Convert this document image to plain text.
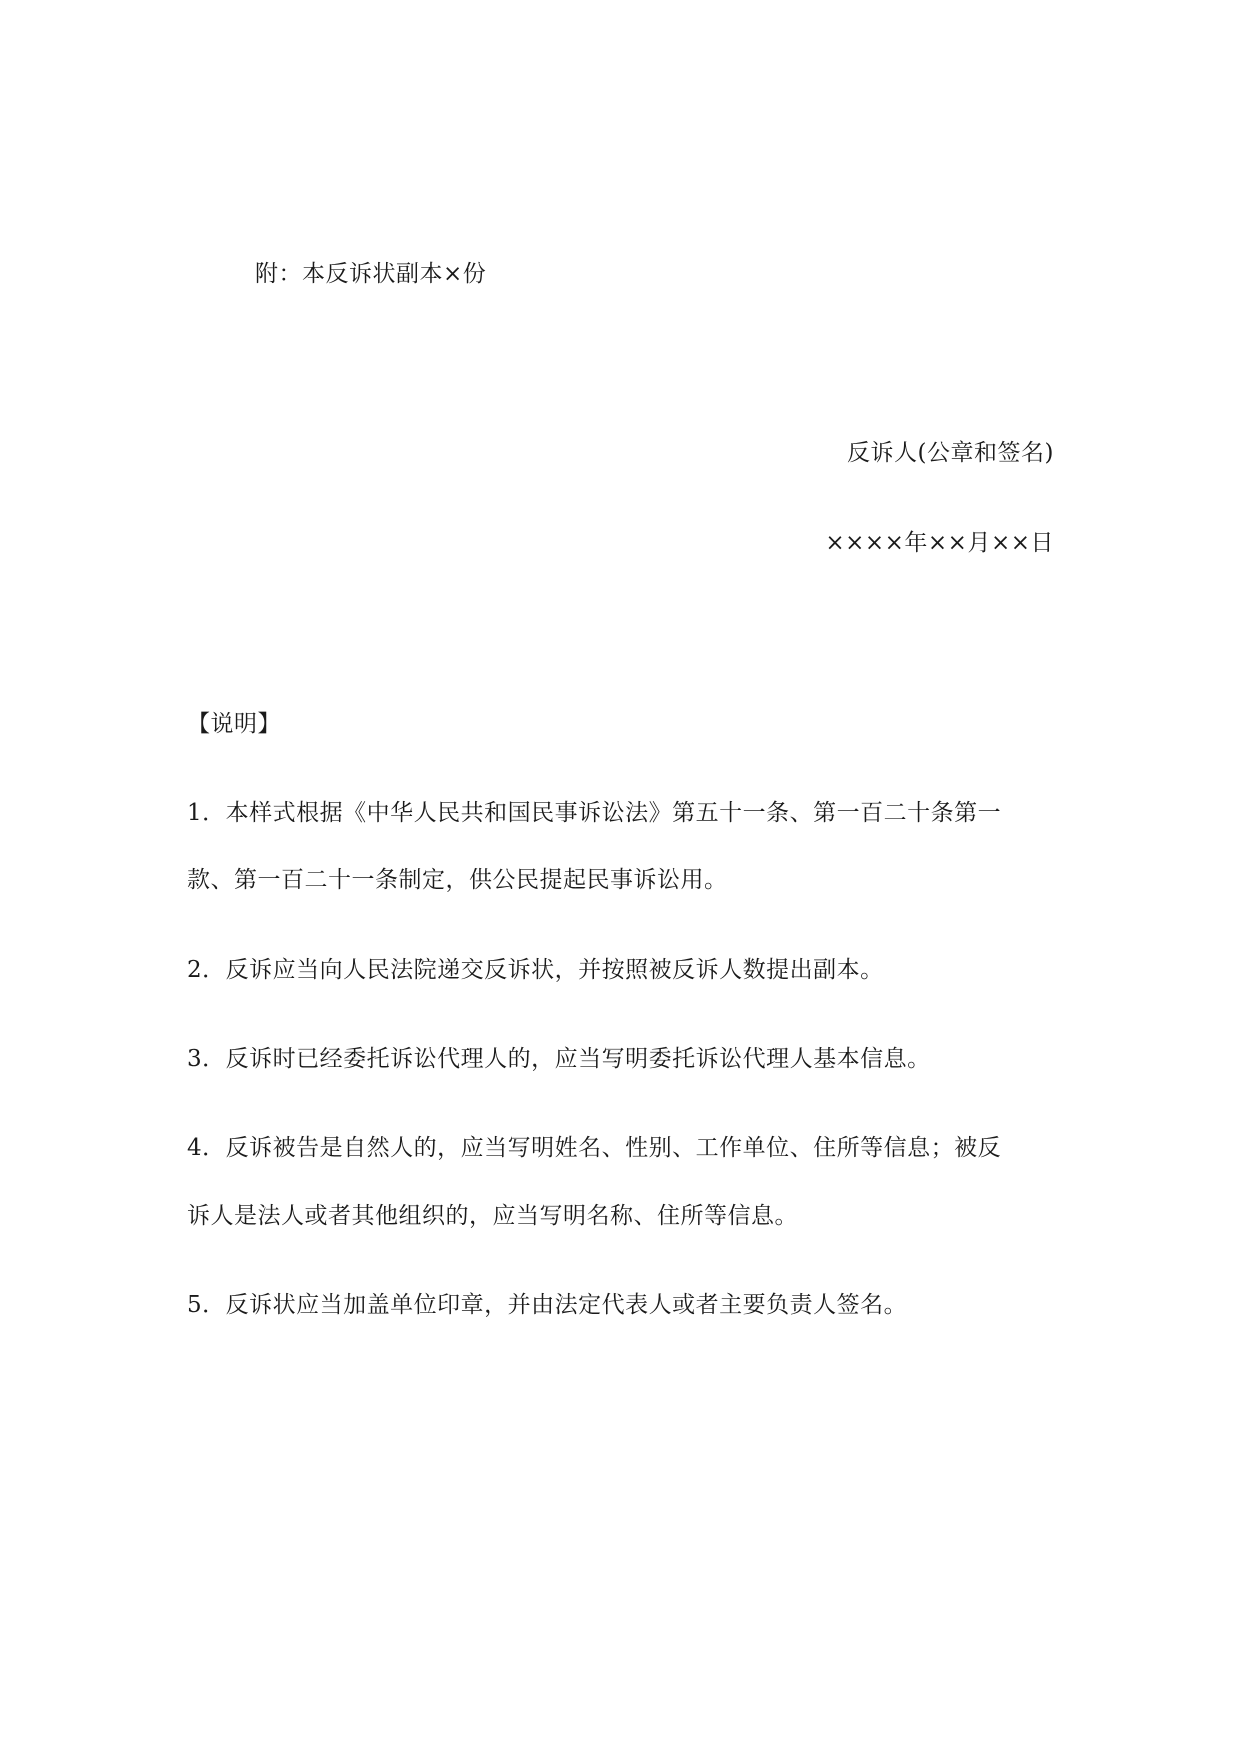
附：本反诉状副本×份
反诉人(公章和签名)
××××年××月××日
【说明】
1．本样式根据《中华人民共和国民事诉讼法》第五十一条、第一百二十条第一
款、第一百二十一条制定，供公民提起民事诉讼用。
2．反诉应当向人民法院递交反诉状，并按照被反诉人数提出副本。
3．反诉时已经委托诉讼代理人的，应当写明委托诉讼代理人基本信息。
4．反诉被告是自然人的，应当写明姓名、性别、工作单位、住所等信息；被反
诉人是法人或者其他组织的，应当写明名称、住所等信息。
5．反诉状应当加盖单位印章，并由法定代表人或者主要负责人签名。
